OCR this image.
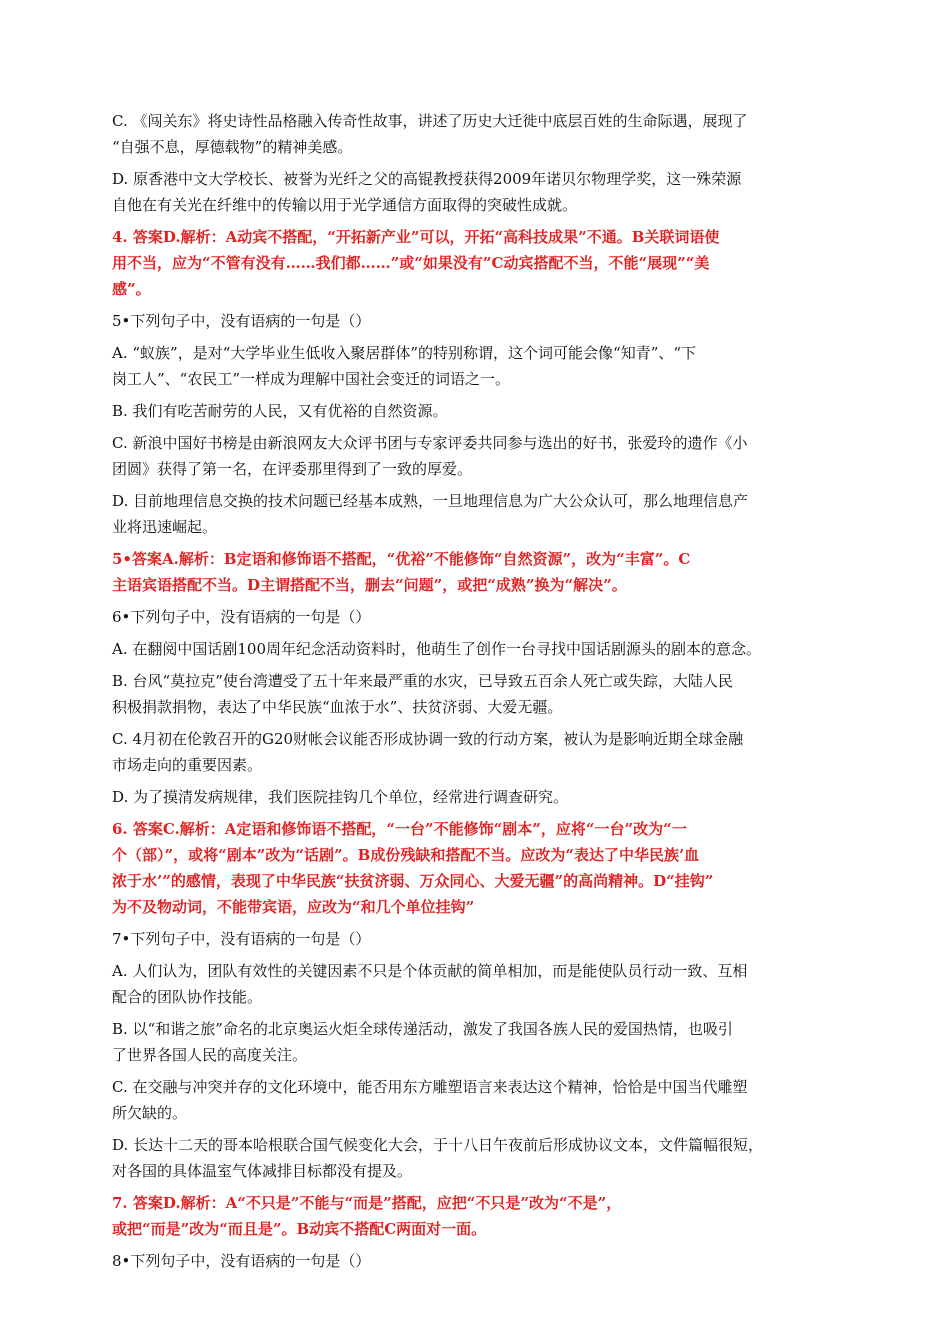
C. 《闯关东》将史诗性品格融入传奇性故事，讲述了历史大迁徙中底层百姓的生命际遇，展现了

“自强不息，厚德载物”的精神美感。

D. 原香港中文大学校长、被誉为光纤之父的高锟教授获得2009年诺贝尔物理学奖，这一殊荣源

自他在有关光在纤维中的传输以用于光学通信方面取得的突破性成就。

4. 答案D.解析：A动宾不搭配，“开拓新产业”可以，开拓“高科技成果”不通。B关联词语使

用不当，应为“不管有没有……我们都……”或“如果没有”C动宾搭配不当，不能“展现”“美

感”。

5•下列句子中，没有语病的一句是（）

A. “蚁族”，是对“大学毕业生低收入聚居群体”的特别称谓，这个词可能会像“知青”、“下

岗工人”、“农民工”一样成为理解中国社会变迁的词语之一。

B. 我们有吃苦耐劳的人民，又有优裕的自然资源。

C. 新浪中国好书榜是由新浪网友大众评书团与专家评委共同参与选出的好书，张爱玲的遗作《小

团圆》获得了第一名，在评委那里得到了一致的厚爱。

D. 目前地理信息交换的技术问题已经基本成熟，一旦地理信息为广大公众认可，那么地理信息产

业将迅速崛起。

5•答案A.解析：B定语和修饰语不搭配，“优裕”不能修饰“自然资源”，改为“丰富”。C

主语宾语搭配不当。D主谓搭配不当，删去“问题”，或把“成熟”换为“解决”。

6•下列句子中，没有语病的一句是（）

A. 在翻阅中国话剧100周年纪念活动资料时，他萌生了创作一台寻找中国话剧源头的剧本的意念。

B. 台风“莫拉克”使台湾遭受了五十年来最严重的水灾，已导致五百余人死亡或失踪，大陆人民

积极捐款捐物，表达了中华民族“血浓于水”、扶贫济弱、大爱无疆。

C. 4月初在伦敦召开的G20财帐会议能否形成协调一致的行动方案，被认为是影响近期全球金融

市场走向的重要因素。

D. 为了摸清发病规律，我们医院挂钩几个单位，经常进行调查研究。

6. 答案C.解析：A定语和修饰语不搭配，“一台”不能修饰“剧本”，应将“一台”改为“一

个（部）”，或将“剧本”改为“话剧”。B成份残缺和搭配不当。应改为“表达了中华民族’血

浓于水’”的感情，表现了中华民族“扶贫济弱、万众同心、大爱无疆”的高尚精神。D“挂钩”

为不及物动词，不能带宾语，应改为“和几个单位挂钩”

7•下列句子中，没有语病的一句是（）

A. 人们认为，团队有效性的关键因素不只是个体贡献的简单相加，而是能使队员行动一致、互相

配合的团队协作技能。

B. 以“和谐之旅”命名的北京奥运火炬全球传递活动，激发了我国各族人民的爱国热情，也吸引

了世界各国人民的高度关注。

C. 在交融与冲突并存的文化环境中，能否用东方雕塑语言来表达这个精神，恰恰是中国当代雕塑

所欠缺的。

D. 长达十二天的哥本哈根联合国气候变化大会，于十八日午夜前后形成协议文本，文件篇幅很短，

对各国的具体温室气体减排目标都没有提及。

7. 答案D.解析：A“不只是”不能与“而是”搭配，应把“不只是”改为“不是”，

或把“而是”改为“而且是”。B动宾不搭配C两面对一面。

8•下列句子中，没有语病的一句是（）
